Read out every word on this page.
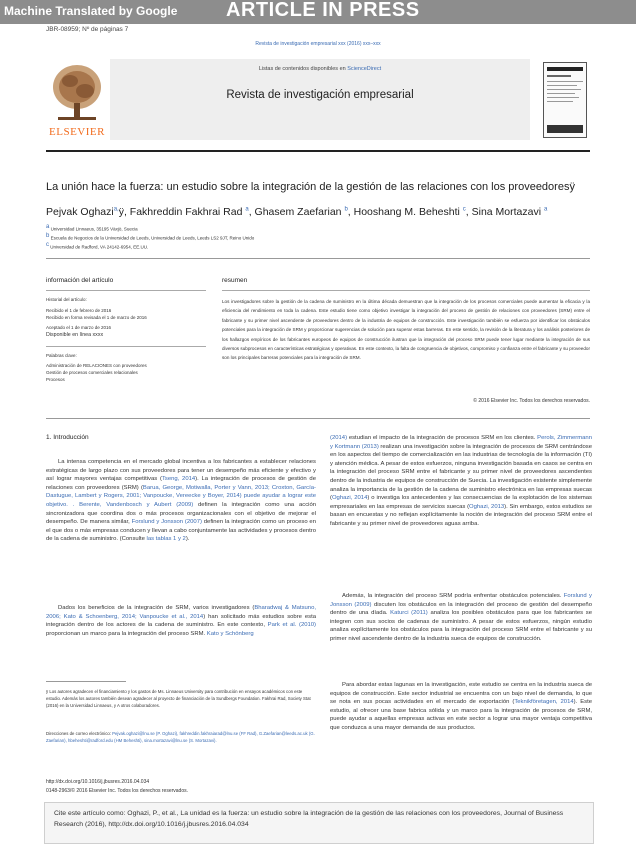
Machine Translated by Google ARTICLE IN PRESS
JBR-08959; Nº de páginas 7
Revista de investigación empresarial xxx (2016) xxx–xxx
ELSEVIER
Listas de contenidos disponibles en ScienceDirect
Revista de investigación empresarial
La unión hace la fuerza: un estudio sobre la integración de la gestión de las relaciones con los proveedoresÿ
Pejvak Oghazi$^{a,}$ÿ, Fakhreddin Fakhrai Rad $^a$, Ghasem Zaefarian $^b$, Hooshang M. Beheshti $^c$, Sina Mortazavi $^a$
a Universidad Linnaeus, 35195 Växjö, Suecia
b Escuela de Negocios de la Universidad de Leeds, Universidad de Leeds, Leeds LS2 9JT, Reino Unido
c Universidad de Radford, VA 24142-6954, EE.UU.
información del artículo
Historial del artículo:
Recibido el 1 de febrero de 2016
Recibido en forma revisada el 1 de marzo de 2016
Aceptado el 1 de marzo de 2016
Disponible en línea xxxx
Palabras clave:
Administración de RELACIONES con proveedores
Gestión de procesos comerciales relacionales
Procesos
resumen
Los investigadores sobre la gestión de la cadena de suministro en la última década demuestran que la integración de los procesos comerciales puede aumentar la eficacia y la eficiencia del rendimiento en toda la cadena. Este estudio tiene como objetivo investigar la integración del proceso de gestión de relaciones con proveedores (SRM) entre el fabricante y su primer nivel ascendente de proveedores dentro de la industria de equipos de construcción. Este investigación también se esfuerza por identificar los obstáculos potenciales para la integración de SRM y proporcionar sugerencias de solución para superar estas barreras. En este sentido, la revisión de la literatura y los análisis posteriores de los hallazgos empíricos de los fabricantes europeos de equipos de construcción ilustran que la integración del proceso SRM puede tener lugar mediante la integración de sus diversos subprocesos en características estratégicas y operativas. En este contexto, la falta de congruencia de objetivos, compromiso y confianza entre el fabricante y su proveedor son los principales barreras potenciales para la integración de SRM.
© 2016 Elsevier Inc. Todos los derechos reservados.
1. Introducción
La intensa competencia en el mercado global incentiva a los fabricantes a establecer relaciones estratégicas de largo plazo con sus proveedores para tener un desempeño más eficiente y efectivo y así lograr mayores ventajas competitivas (Tseng, 2014). La integración de procesos de gestión de relaciones con proveedores (SRM) (Barua, George, Motiwalla, Porter y Vann, 2013; Croxton, García-Dastugue, Lambert y Rogers, 2001; Vanpoucke, Vereecke y Boyer, 2014) puede ayudar a lograr este objetivo. . Berente, Vandenbosch y Aubert (2009) definen la integración como una acción sincronizadora que coordina dos o más procesos organizacionales con el objetivo de mejorar el desempeño. De manera similar, Forslund y Jonsson (2007) definen la integración como un proceso en el que dos o más empresas conducen y llevan a cabo conjuntamente las actividades y procesos dentro de la cadena de suministro. (Consulte las tablas 1 y 2).
Dados los beneficios de la integración de SRM, varios investigadores (Bharadwaj & Matsuno, 2006; Kato & Schoenberg, 2014; Vanpoucke et al., 2014) han solicitado más estudios sobre esta integración dentro de los actores de la cadena de suministro. En este contexto, Park et al. (2010) proporcionan un marco para la integración del proceso SRM. Kato y Schönberg
(2014) estudian el impacto de la integración de procesos SRM en los clientes. Perols, Zimmermann y Kortmann (2013) realizan una investigación sobre la integración de procesos de SRM centrándose en los aspectos del tiempo de comercialización en las industrias de tecnología de la información (TI) y atención médica. A pesar de estos esfuerzos, ninguna investigación basada en casos se centra en la integración del proceso SRM entre el fabricante y su primer nivel de proveedores ascendentes dentro de la industria de equipos de construcción de Suecia. La investigación existente simplemente analiza la importancia de la gestión de la cadena de suministro electrónica en las empresas suecas (Oghazi, 2014) o investiga los antecedentes y las consecuencias de la explotación de los sistemas empresariales en las empresas de servicios suecas (Oghazi, 2013). Sin embargo, estos estudios se basan en encuestas y no reflejan explícitamente la noción de integración del proceso SRM entre el fabricante y su primer nivel de proveedores aguas arriba.
Además, la integración del proceso SRM podría enfrentar obstáculos potenciales. Forslund y Jonsson (2009) discuten los obstáculos en la integración del proceso de gestión del desempeño dentro de una díada. Katurci (2011) analiza los posibles obstáculos para que los fabricantes se integren con sus socios de cadenas de suministro. A pesar de estos esfuerzos, ningún estudio analiza explícitamente los obstáculos para la integración del proceso SRM entre el fabricante y su primer nivel ascendente dentro de la industria sueca de equipos de construcción.
Para abordar estas lagunas en la investigación, este estudio se centra en la industria sueca de equipos de construcción. Este sector industrial se encuentra con un bajo nivel de demanda, lo que se nota en sus pocas actividades en el mercado de exportación (Teknikföretagen, 2014). Este estudio, al ofrecer una base fabrica sólida y un marco para la integración de procesos de SRM, puede ayudar a aquellas empresas activas en este sector a lograr una mayor ventaja competitiva que conduzca a una mayor demanda de sus productos.
ÿ Los autores agradecen el financiamiento y los gastos de Ms. Linnaeus University para contribución en ensayos académicos con este estudio. Además los autores también desean agradecer al proyecto de financiación de la Sundbergs Foundation. Fakhrai Rad, Society Stat (2016) en la Universidad Linnaeus, y A otros colaboradores.
Direcciones de correo electrónico: Pejvak.oghazi@lnu.se (P. Oghazi), fakhreddin.fakhraiarad@lnu.se (FF Rad), G.Zaefarian@leeds.ac.uk (G. Zaefarian), hbeheshti@radford.edu (HM Beheshti), sina.mortazavi@lnu.se (S. Mortazavi).
http://dx.doi.org/10.1016/j.jbusres.2016.04.034
0148-2963/© 2016 Elsevier Inc. Todos los derechos reservados.
Cite este artículo como: Oghazi, P., et al., La unidad es la fuerza: un estudio sobre la integración de la gestión de las relaciones con los proveedores, Journal of Business Research (2016), http://dx.doi.org/10.1016/j.jbusres.2016.04.034
